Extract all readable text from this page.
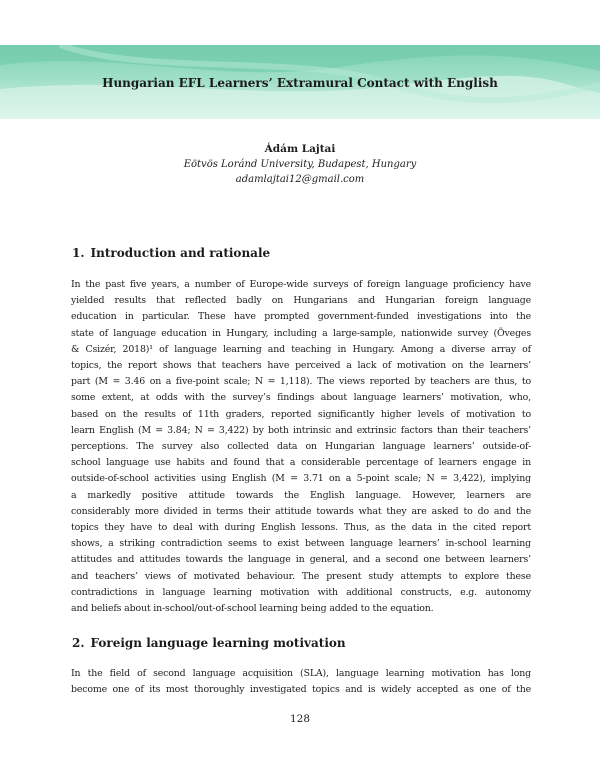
Hungarian EFL Learners’ Extramural Contact with English
Ádám Lajtai
Eötvös Loránd University, Budapest, Hungary
adamlajtai12@gmail.com
1. Introduction and rationale
In the past five years, a number of Europe-wide surveys of foreign language proficiency have
yielded results that reflected badly on Hungarians and Hungarian foreign language
education in particular. These have prompted government-funded investigations into the
state of language education in Hungary, including a large-sample, nationwide survey (Öveges
& Csizér, 2018)¹ of language learning and teaching in Hungary. Among a diverse array of
topics, the report shows that teachers have perceived a lack of motivation on the learners’
part (M = 3.46 on a five-point scale; N = 1,118). The views reported by teachers are thus, to
some extent, at odds with the survey’s findings about language learners’ motivation, who,
based on the results of 11th graders, reported significantly higher levels of motivation to
learn English (M = 3.84; N = 3,422) by both intrinsic and extrinsic factors than their teachers’
perceptions. The survey also collected data on Hungarian language learners’ outside-of-
school language use habits and found that a considerable percentage of learners engage in
outside-of-school activities using English (M = 3.71 on a 5-point scale; N = 3,422), implying
a markedly positive attitude towards the English language. However, learners are
considerably more divided in terms their attitude towards what they are asked to do and the
topics they have to deal with during English lessons. Thus, as the data in the cited report
shows, a striking contradiction seems to exist between language learners’ in-school learning
attitudes and attitudes towards the language in general, and a second one between learners’
and teachers’ views of motivated behaviour. The present study attempts to explore these
contradictions in language learning motivation with additional constructs, e.g. autonomy
and beliefs about in-school/out-of-school learning being added to the equation.
2. Foreign language learning motivation
In the field of second language acquisition (SLA), language learning motivation has long
become one of its most thoroughly investigated topics and is widely accepted as one of the
128
